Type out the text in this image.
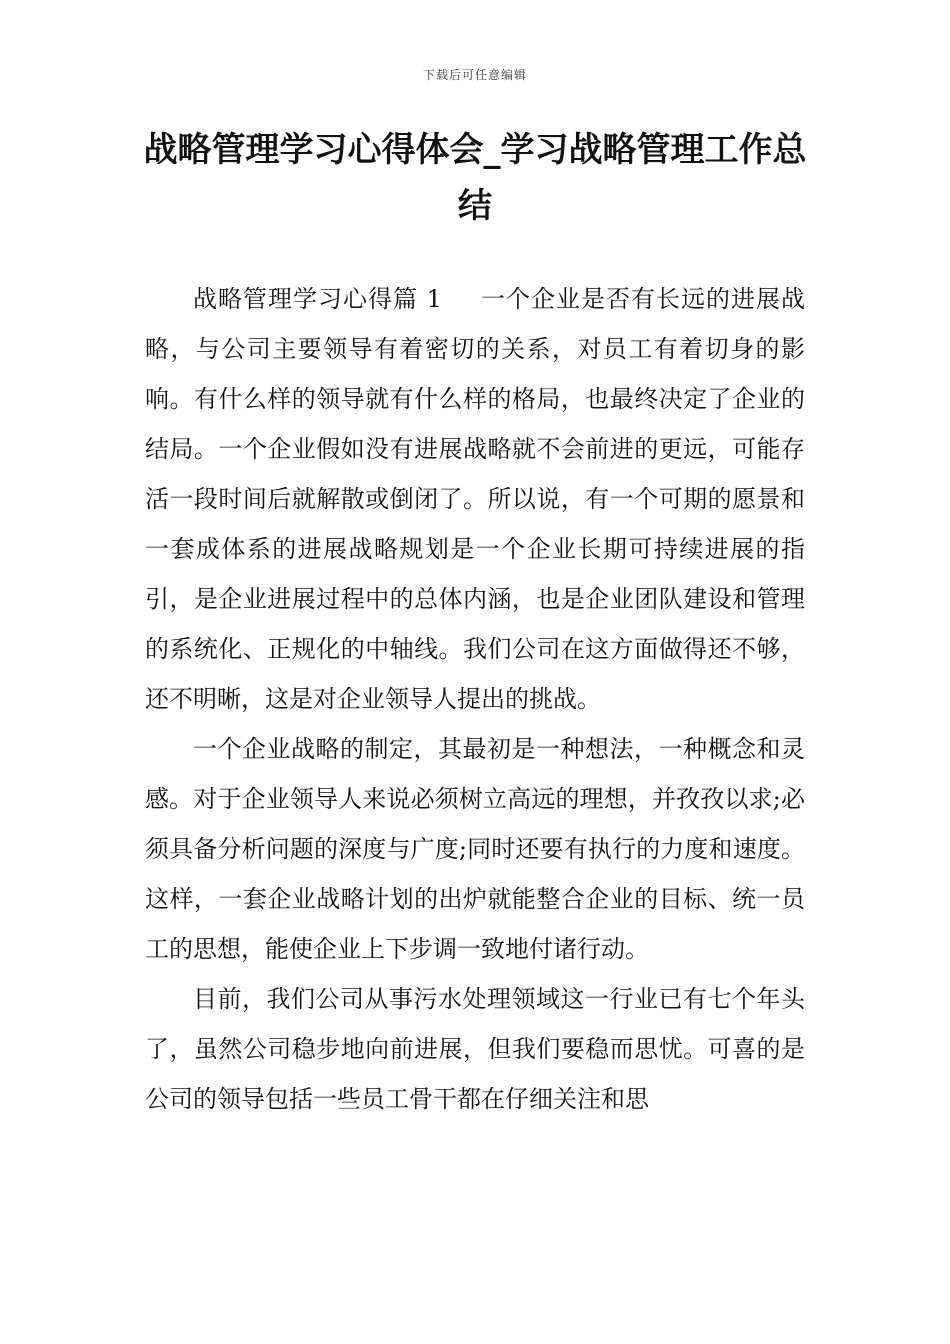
下载后可任意编辑
战略管理学习心得体会_学习战略管理工作总结

战略管理学习心得篇 1 一个企业是否有长远的进展战略，与公司主要领导有着密切的关系，对员工有着切身的影响。有什么样的领导就有什么样的格局，也最终决定了企业的结局。一个企业假如没有进展战略就不会前进的更远，可能存活一段时间后就解散或倒闭了。所以说，有一个可期的愿景和一套成体系的进展战略规划是一个企业长期可持续进展的指引，是企业进展过程中的总体内涵，也是企业团队建设和管理的系统化、正规化的中轴线。我们公司在这方面做得还不够，还不明晰，这是对企业领导人提出的挑战。

一个企业战略的制定，其最初是一种想法，一种概念和灵感。对于企业领导人来说必须树立高远的理想，并孜孜以求;必须具备分析问题的深度与广度;同时还要有执行的力度和速度。这样，一套企业战略计划的出炉就能整合企业的目标、统一员工的思想，能使企业上下步调一致地付诸行动。

目前，我们公司从事污水处理领域这一行业已有七个年头了，虽然公司稳步地向前进展，但我们要稳而思忧。可喜的是公司的领导包括一些员工骨干都在仔细关注和思
